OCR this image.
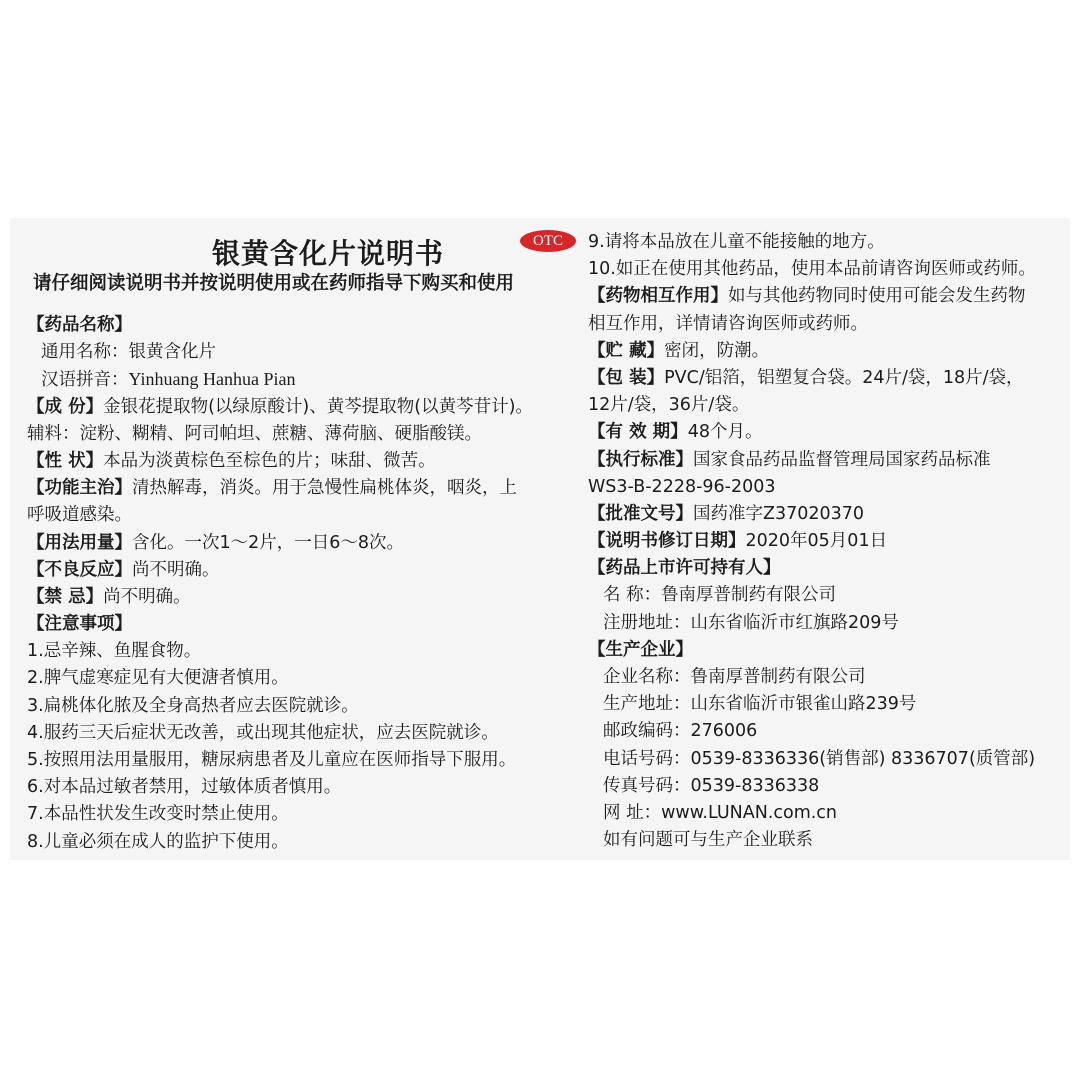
银黄含化片说明书	OTC

请仔细阅读说明书并按说明使用或在药师指导下购买和使用

【药品名称】
通用名称：银黄含化片
汉语拼音：Yinhuang Hanhua Pian
【成 份】金银花提取物(以绿原酸计)、黄芩提取物(以黄芩苷计)。
辅料：淀粉、糊精、阿司帕坦、蔗糖、薄荷脑、硬脂酸镁。
【性 状】本品为淡黄棕色至棕色的片；味甜、微苦。
【功能主治】清热解毒，消炎。用于急慢性扁桃体炎，咽炎，上
呼吸道感染。
【用法用量】含化。一次1～2片，一日6～8次。
【不良反应】尚不明确。
【禁 忌】尚不明确。
【注意事项】
1.忌辛辣、鱼腥食物。
2.脾气虚寒症见有大便溏者慎用。
3.扁桃体化脓及全身高热者应去医院就诊。
4.服药三天后症状无改善，或出现其他症状，应去医院就诊。
5.按照用法用量服用，糖尿病患者及儿童应在医师指导下服用。
6.对本品过敏者禁用，过敏体质者慎用。
7.本品性状发生改变时禁止使用。
8.儿童必须在成人的监护下使用。
9.请将本品放在儿童不能接触的地方。
10.如正在使用其他药品，使用本品前请咨询医师或药师。
【药物相互作用】如与其他药物同时使用可能会发生药物
相互作用，详情请咨询医师或药师。
【贮 藏】密闭，防潮。
【包 装】PVC/铝箔，铝塑复合袋。24片/袋，18片/袋，
12片/袋，36片/袋。
【有 效 期】48个月。
【执行标准】国家食品药品监督管理局国家药品标准
WS3-B-2228-96-2003
【批准文号】国药准字Z37020370
【说明书修订日期】2020年05月01日
【药品上市许可持有人】
名 称：鲁南厚普制药有限公司
注册地址：山东省临沂市红旗路209号
【生产企业】
企业名称：鲁南厚普制药有限公司
生产地址：山东省临沂市银雀山路239号
邮政编码：276006
电话号码：0539-8336336(销售部) 8336707(质管部)
传真号码：0539-8336338
网 址：www.LUNAN.com.cn
如有问题可与生产企业联系
